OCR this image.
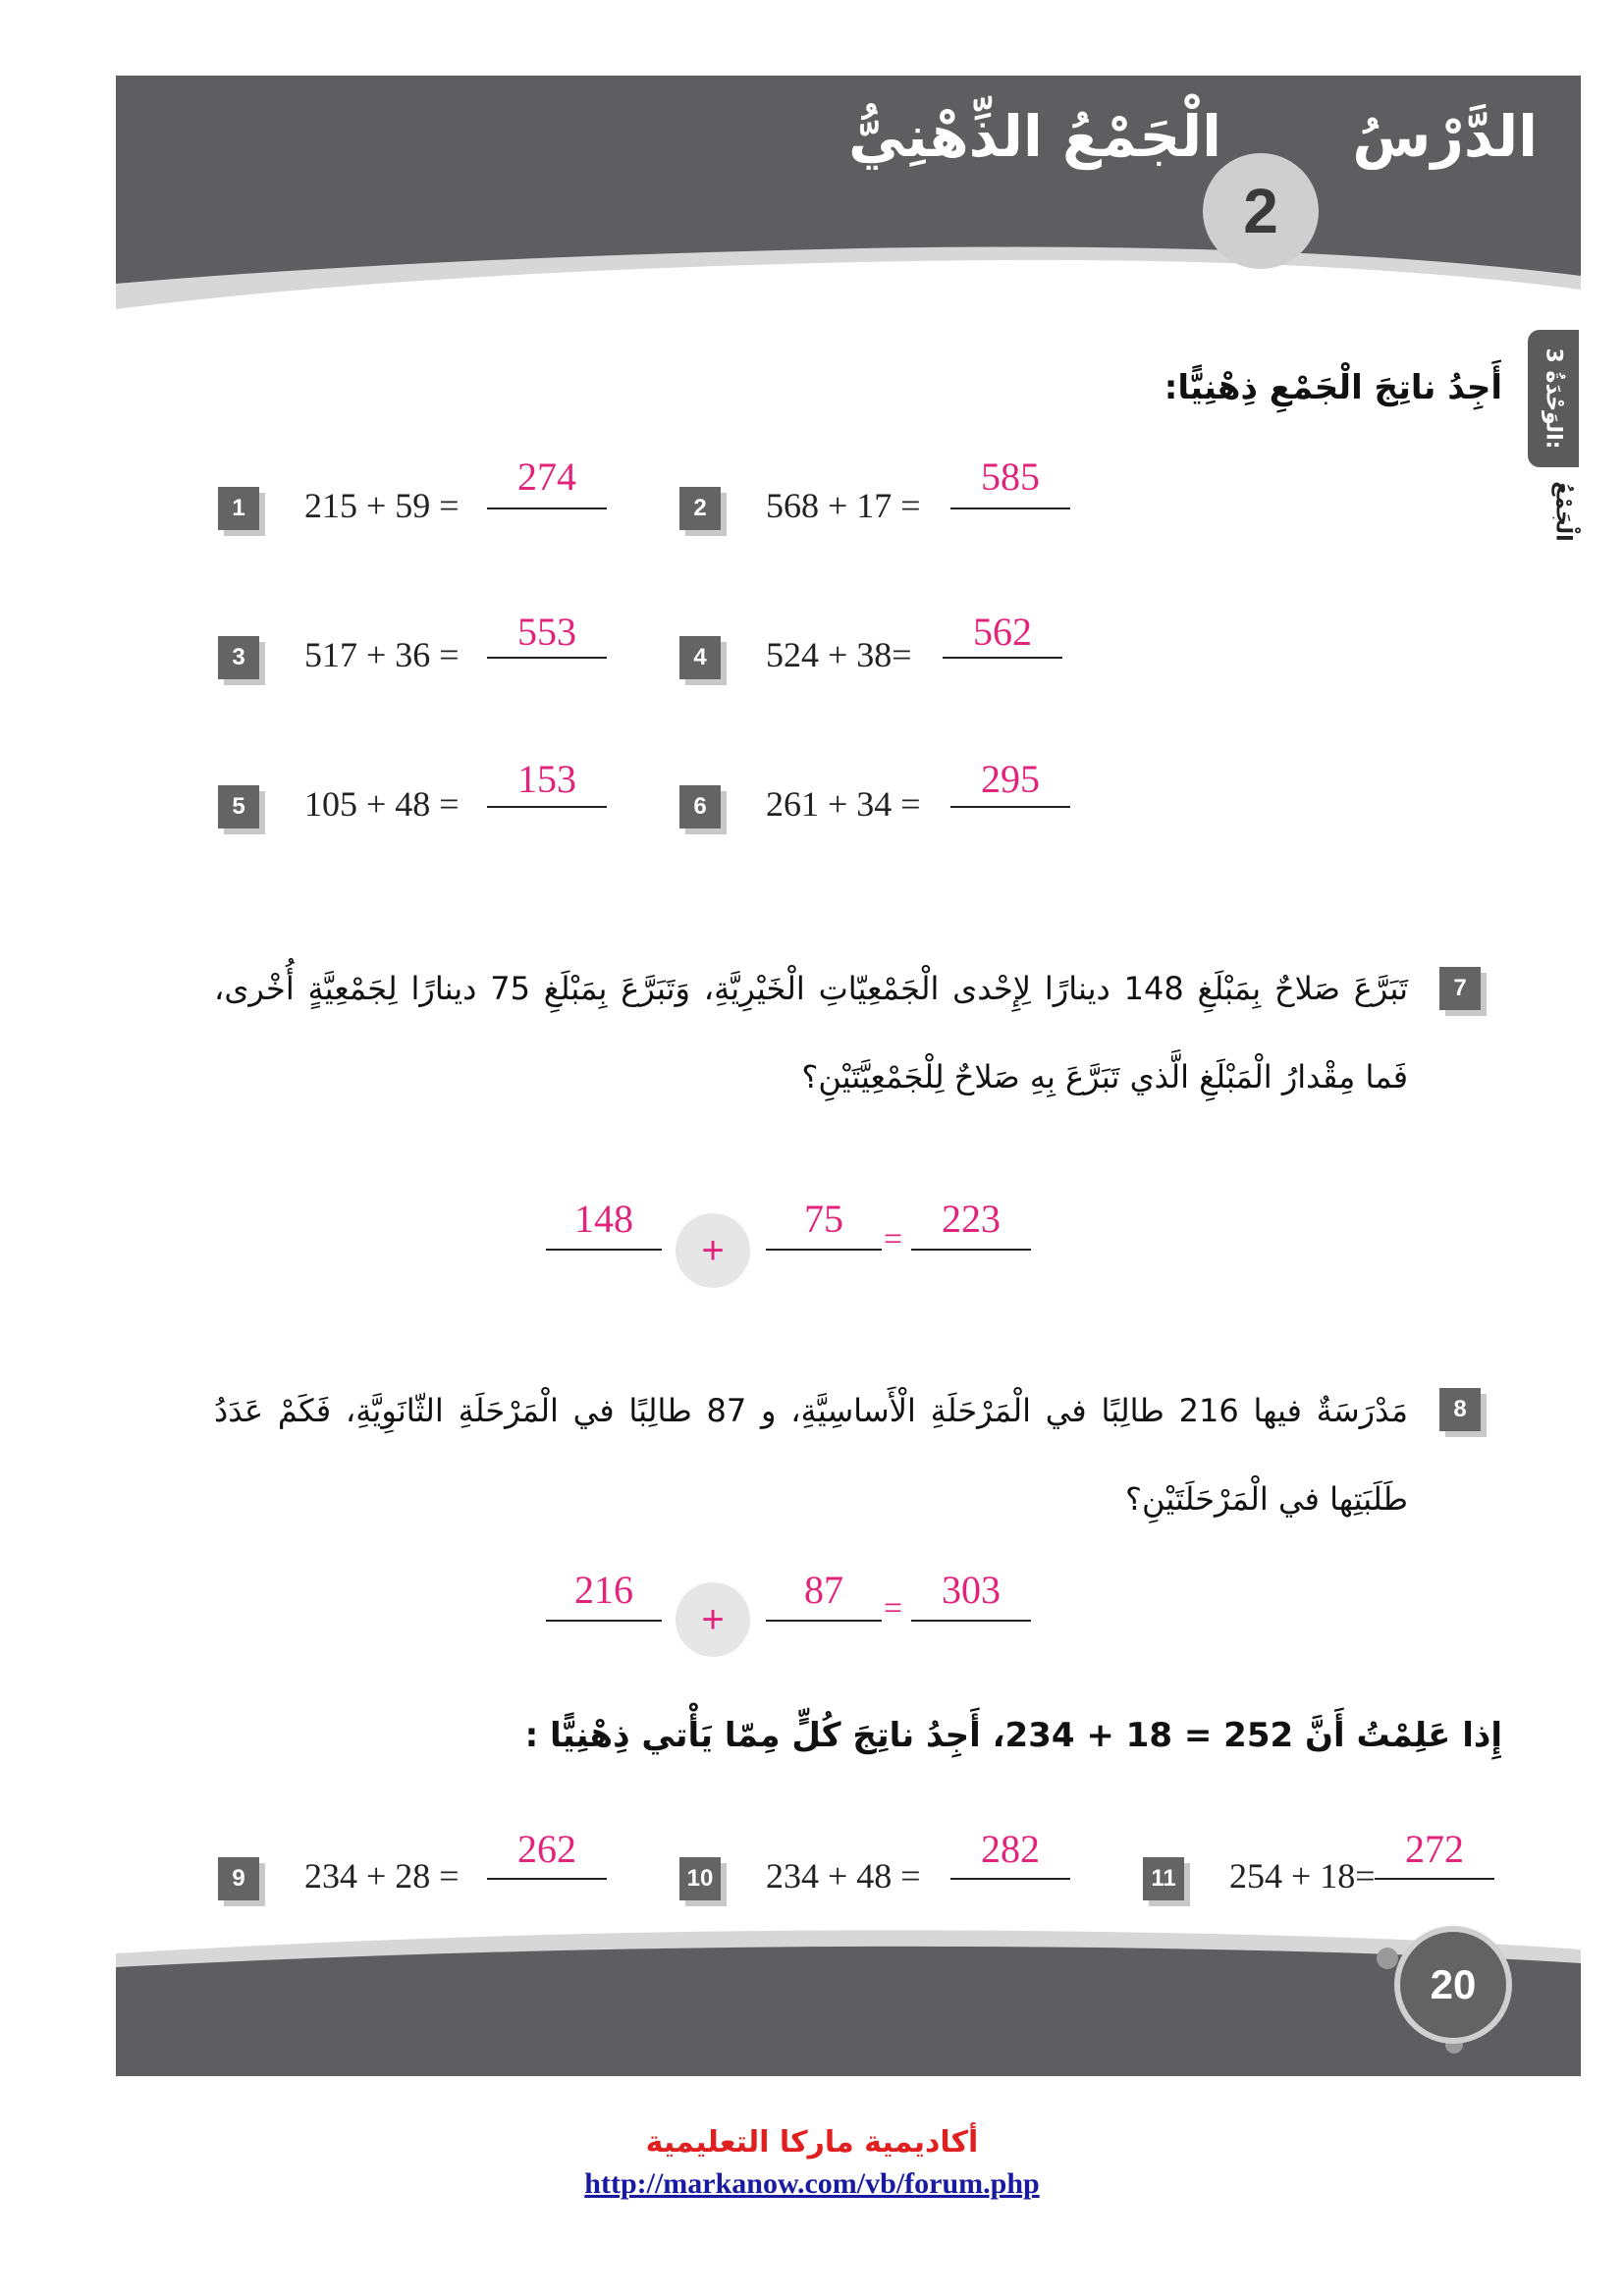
الدَّرْسُ
2
الْجَمْعُ الذِّهْنِيُّ
الوَحْدَةُ 3:
الْجَمْعُ
أَجِدُ ناتِجَ الْجَمْعِ ذِهْنِيًّا:
1	215 + 59 =
274
2	568 + 17 =
585
3	517 + 36 =
553
4	524 + 38=
562
5	105 + 48 =
153
6	261 + 34 =
295
7
تَبَرَّعَ صَلاحٌ بِمَبْلَغِ 148 دينارًا لِإِحْدى الْجَمْعِيّاتِ الْخَيْرِيَّةِ، وَتَبَرَّعَ بِمَبْلَغِ 75 دينارًا لِجَمْعِيَّةٍ أُخْرى، فَما مِقْدارُ الْمَبْلَغِ الَّذي تَبَرَّعَ بِهِ صَلاحٌ لِلْجَمْعِيَّتَيْنِ؟
148
+
75	= 223
8
مَدْرَسَةٌ فيها 216 طالِبًا في الْمَرْحَلَةِ الْأَساسِيَّةِ، و 87 طالِبًا في الْمَرْحَلَةِ الثّانَوِيَّةِ، فَكَمْ عَدَدُ طَلَبَتِها في الْمَرْحَلَتَيْنِ؟
216
+
87	= 303
إِذا عَلِمْتُ أَنَّ 252 = 18 + 234، أَجِدُ ناتِجَ كُلٍّ مِمّا يَأْتي ذِهْنِيًّا :
9	234 + 28 =
262
10 234 + 48 =
282
11 254 + 18=
272
20
أكاديمية ماركا التعليمية
http://markanow.com/vb/forum.php
